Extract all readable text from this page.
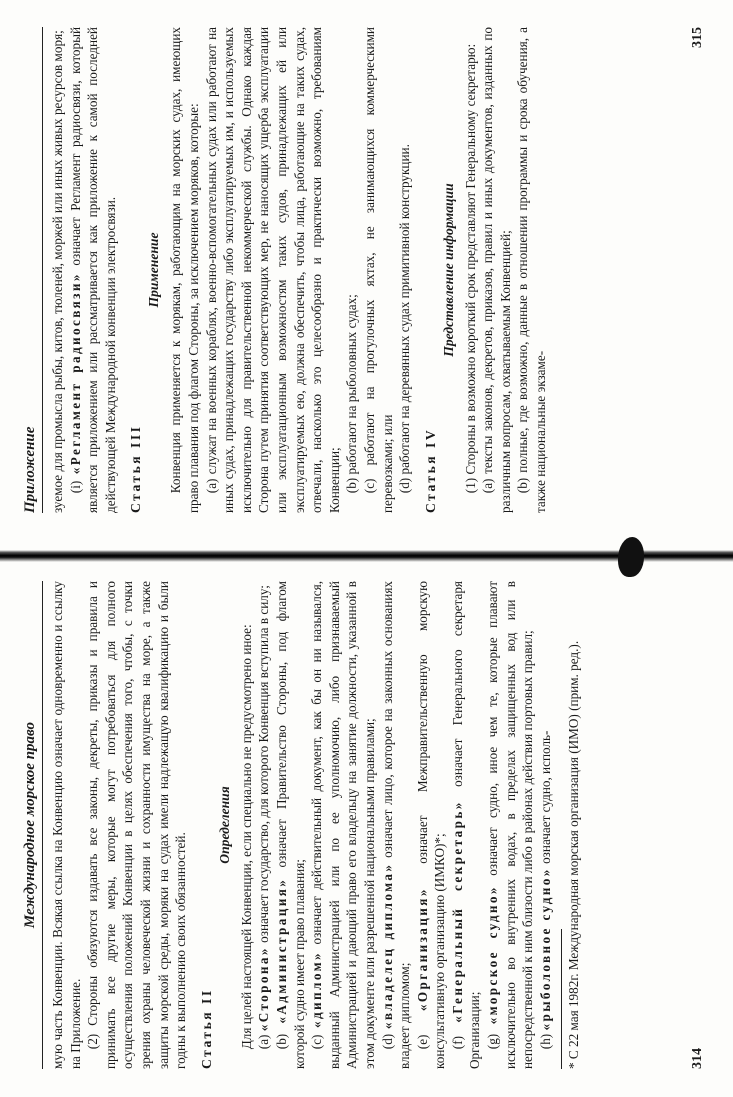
Международное морское право мую часть Конвенции. Всякая ссылка на Конвенцию означает одновременно и ссылку на Приложение. (2) Стороны обязуются издавать все законы, декреты, приказы и правила и принимать все другие меры, которые могут потребоваться для полного осуществления положений Конвенции в целях обеспечения того, чтобы, с точки зрения охраны человеческой жизни и сохранности имущества на море, а также защиты морской среды, моряки на судах имели надлежащую квалификацию и были годны к выполнению своих обязанностей. Статья II
Определения Для целей настоящей Конвенции, если специально не предусмотрено иное: (a) «Сторона» означает государство, для которого Конвенция вступила в силу;

(b) «Администрация» означает Правительство Стороны, под флагом которой судно имеет право плавания; (c) «диплом» означает действительный документ, как бы он ни назывался, выданный Администрацией или по ее уполномочию, либо признаваемый Администрацией и дающий право его владельцу на занятие должности, указанной в этом документе или разрешенной национальными правилами; (d) «владелец диплома» означает лицо, которое на законных основаниях владеет дипломом; (e) «Организация» означает Межправительственную морскую консультативную организацию (ИМКО)*; (f) «Генеральный секретарь» означает Генерального секретаря Организации; (g) «морское судно» означает судно, иное чем те, которые плавают исключительно во внутренних водах, в пределах защищенных вод или в непосредственной к ним близости либо в районах действия портовых правил; (h) «рыболовное судно» означает судно, исполь- * С 22 мая 1982г. Международная морская организация (ИМО) (прим. ред.).	314
Приложение зуемое для промысла рыбы, китов, тюленей, моржей или иных живых ресурсов моря; (i) «Регламент радиосвязи» означает Регламент радиосвязи, который является приложением или рассматривается как приложение к самой последней действующей Международной конвенции электросвязи. Статья III
Применение Конвенция применяется к морякам, работающим на морских судах, имеющих право плавания под флагом Стороны, за исключением моряков, которые: (a) служат на военных кораблях, военно-вспомогательных судах или работают на иных судах, принадлежащих государству либо эксплуатируемых им, и используемых исключительно для правительственной некоммерческой службы. Однако каждая Сторона путем принятия соответствующих мер, не наносящих ущерба эксплуатации или эксплуатационным возможностям таких судов, принадлежащих ей или эксплуатируемых ею, должна обеспечить, чтобы лица, работающие на таких судах, отвечали, насколько это целесообразно и практически возможно, требованиям Конвенции; (b) работают на рыболовных судах; (c) работают на прогулочных яхтах, не занимающихся коммерческими перевозками; или (d) работают на деревянных судах примитивной конструкции. Статья IV
Представление информации (1) Стороны в возможно короткий срок представляют Генеральному секретарю: (a) тексты законов, декретов, приказов, правил и иных документов, изданных по различным вопросам, охватываемым Конвенцией; (b) полные, где возможно, данные в отношении программы и срока обучения, а также национальные экзаме-

315
